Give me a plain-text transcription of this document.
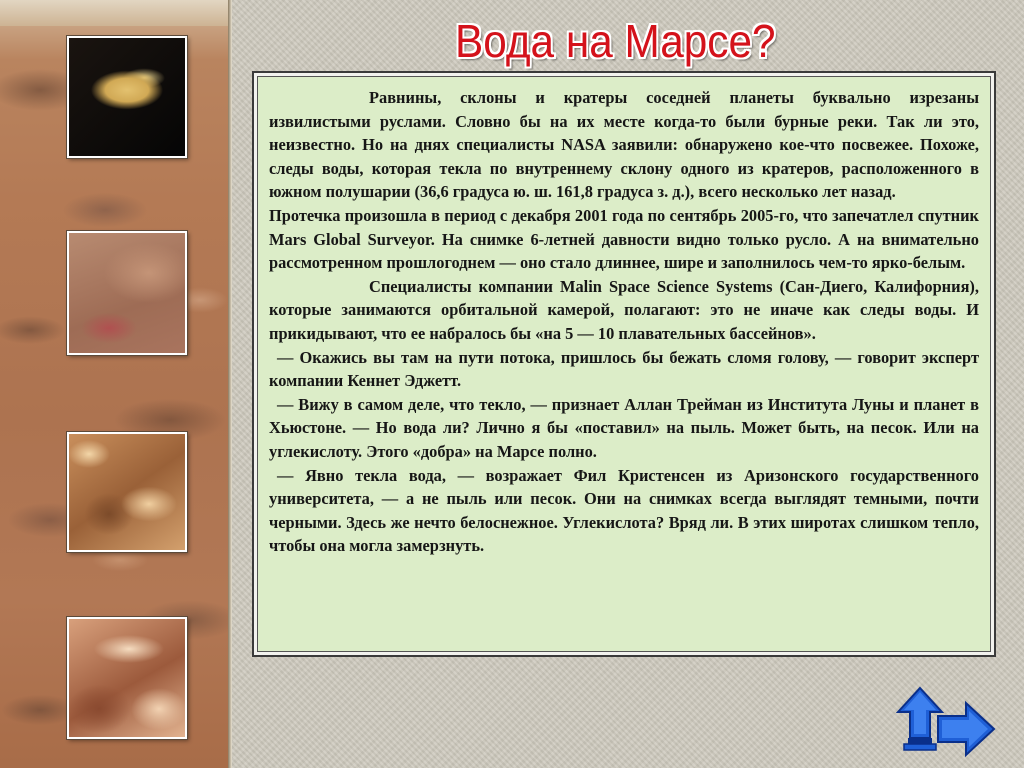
Вода на Марсе?

Равнины, склоны и кратеры соседней планеты буквально изрезаны извилистыми руслами. Словно бы на их месте когда-то были бурные реки. Так ли это, неизвестно. Но на днях специалисты NASA заявили: обнаружено кое-что посвежее. Похоже, следы воды, которая текла по внутреннему склону одного из кратеров, расположенного в южном полушарии (36,6 градуса ю. ш. 161,8 градуса з. д.), всего несколько лет назад.

Протечка произошла в период с декабря 2001 года по сентябрь 2005-го, что запечатлел спутник Mars Global Surveyor. На снимке 6-летней давности видно только русло. А на внимательно рассмотренном прошлогоднем — оно стало длиннее, шире и заполнилось чем-то ярко-белым.

Специалисты компании Malin Space Science Systems (Сан-Диего, Калифорния), которые занимаются орбитальной камерой, полагают: это не иначе как следы воды. И прикидывают, что ее набралось бы «на 5 — 10 плавательных бассейнов».

— Окажись вы там на пути потока, пришлось бы бежать сломя голову, — говорит эксперт компании Кеннет Эджетт.

— Вижу в самом деле, что текло, — признает Аллан Трейман из Института Луны и планет в Хьюстоне. — Но вода ли? Лично я бы «поставил» на пыль. Может быть, на песок. Или на углекислоту. Этого «добра» на Марсе полно.

— Явно текла вода, — возражает Фил Кристенсен из Аризонского государственного университета, — а не пыль или песок. Они на снимках всегда выглядят темными, почти черными. Здесь же нечто белоснежное. Углекислота? Вряд ли. В этих широтах слишком тепло, чтобы она могла замерзнуть.
